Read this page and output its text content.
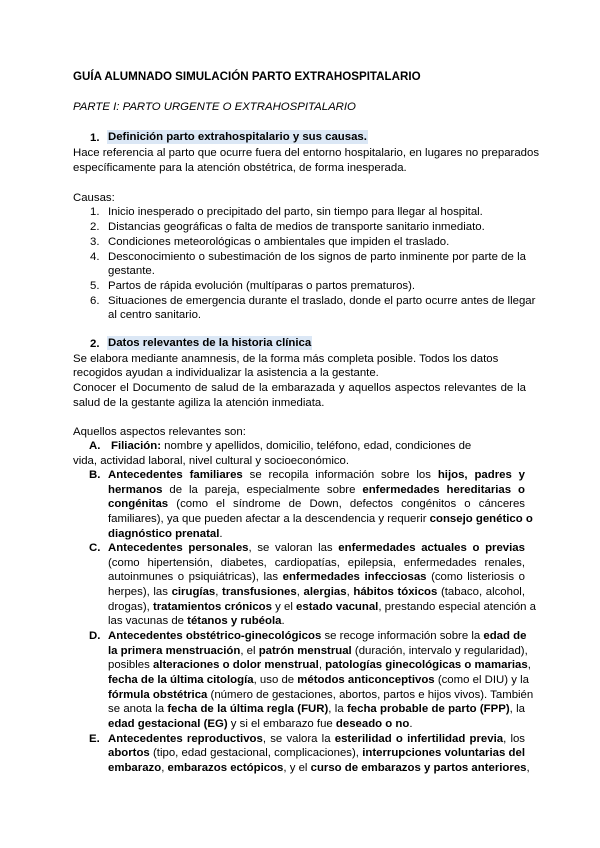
GUÍA ALUMNADO SIMULACIÓN PARTO EXTRAHOSPITALARIO
PARTE I: PARTO URGENTE O EXTRAHOSPITALARIO
1. Definición parto extrahospitalario y sus causas.
Hace referencia al parto que ocurre fuera del entorno hospitalario, en lugares no preparados
específicamente para la atención obstétrica, de forma inesperada.
Causas:
1. Inicio inesperado o precipitado del parto, sin tiempo para llegar al hospital.
2. Distancias geográficas o falta de medios de transporte sanitario inmediato.
3. Condiciones meteorológicas o ambientales que impiden el traslado.
4. Desconocimiento o subestimación de los signos de parto inminente por parte de la
gestante.
5. Partos de rápida evolución (multíparas o partos prematuros).
6. Situaciones de emergencia durante el traslado, donde el parto ocurre antes de llegar
al centro sanitario.
2. Datos relevantes de la historia clínica
Se elabora mediante anamnesis, de la forma más completa posible. Todos los datos
recogidos ayudan a individualizar la asistencia a la gestante.
Conocer el Documento de salud de la embarazada y aquellos aspectos relevantes de la
salud de la gestante agiliza la atención inmediata.
Aquellos aspectos relevantes son:
A. Filiación: nombre y apellidos, domicilio, teléfono, edad, condiciones de
vida, actividad laboral, nivel cultural y socioeconómico.
B. Antecedentes familiares se recopila información sobre los hijos, padres y
hermanos de la pareja, especialmente sobre enfermedades hereditarias o
congénitas (como el síndrome de Down, defectos congénitos o cánceres
familiares), ya que pueden afectar a la descendencia y requerir consejo genético o
diagnóstico prenatal.
C. Antecedentes personales, se valoran las enfermedades actuales o previas
(como hipertensión, diabetes, cardiopatías, epilepsia, enfermedades renales,
autoinmunes o psiquiátricas), las enfermedades infecciosas (como listeriosis o
herpes), las cirugías, transfusiones, alergias, hábitos tóxicos (tabaco, alcohol,
drogas), tratamientos crónicos y el estado vacunal, prestando especial atención a
las vacunas de tétanos y rubéola.
D. Antecedentes obstétrico-ginecológicos se recoge información sobre la edad de
la primera menstruación, el patrón menstrual (duración, intervalo y regularidad),
posibles alteraciones o dolor menstrual, patologías ginecológicas o mamarias,
fecha de la última citología, uso de métodos anticonceptivos (como el DIU) y la
fórmula obstétrica (número de gestaciones, abortos, partos e hijos vivos). También
se anota la fecha de la última regla (FUR), la fecha probable de parto (FPP), la
edad gestacional (EG) y si el embarazo fue deseado o no.
E. Antecedentes reproductivos, se valora la esterilidad o infertilidad previa, los
abortos (tipo, edad gestacional, complicaciones), interrupciones voluntarias del
embarazo, embarazos ectópicos, y el curso de embarazos y partos anteriores,
